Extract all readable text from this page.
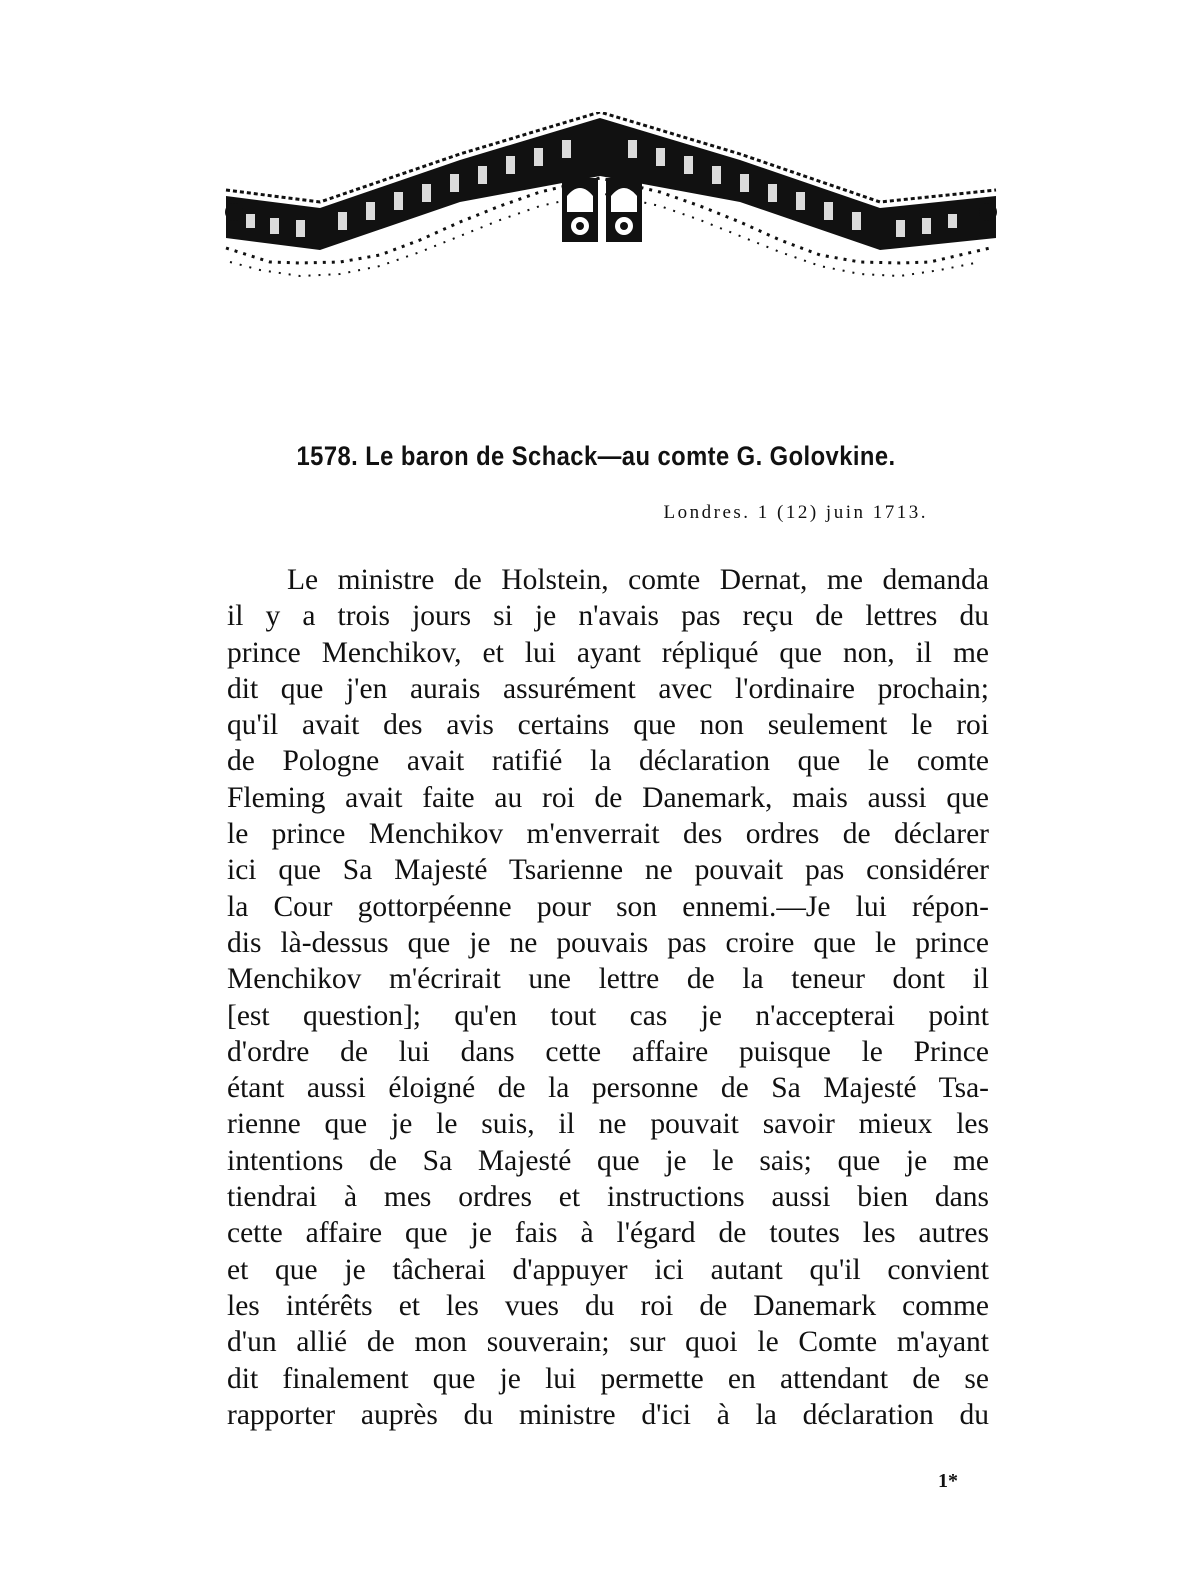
1578. Le baron de Schack—au comte G. Golovkine.
Londres. 1 (12) juin 1713.
Le ministre de Holstein, comte Dernat, me demanda
il y a trois jours si je n'avais pas reçu de lettres du
prince Menchikov, et lui ayant répliqué que non, il me
dit que j'en aurais assurément avec l'ordinaire prochain;
qu'il avait des avis certains que non seulement le roi
de Pologne avait ratifié la déclaration que le comte
Fleming avait faite au roi de Danemark, mais aussi que
le prince Menchikov m'enverrait des ordres de déclarer
ici que Sa Majesté Tsarienne ne pouvait pas considérer
la Cour gottorpéenne pour son ennemi.—Je lui répon-
dis là-dessus que je ne pouvais pas croire que le prince
Menchikov m'écrirait une lettre de la teneur dont il
[est question]; qu'en tout cas je n'accepterai point
d'ordre de lui dans cette affaire puisque le Prince
étant aussi éloigné de la personne de Sa Majesté Tsa-
rienne que je le suis, il ne pouvait savoir mieux les
intentions de Sa Majesté que je le sais; que je me
tiendrai à mes ordres et instructions aussi bien dans
cette affaire que je fais à l'égard de toutes les autres
et que je tâcherai d'appuyer ici autant qu'il convient
les intérêts et les vues du roi de Danemark comme
d'un allié de mon souverain; sur quoi le Comte m'ayant
dit finalement que je lui permette en attendant de se
rapporter auprès du ministre d'ici à la déclaration du
1*
